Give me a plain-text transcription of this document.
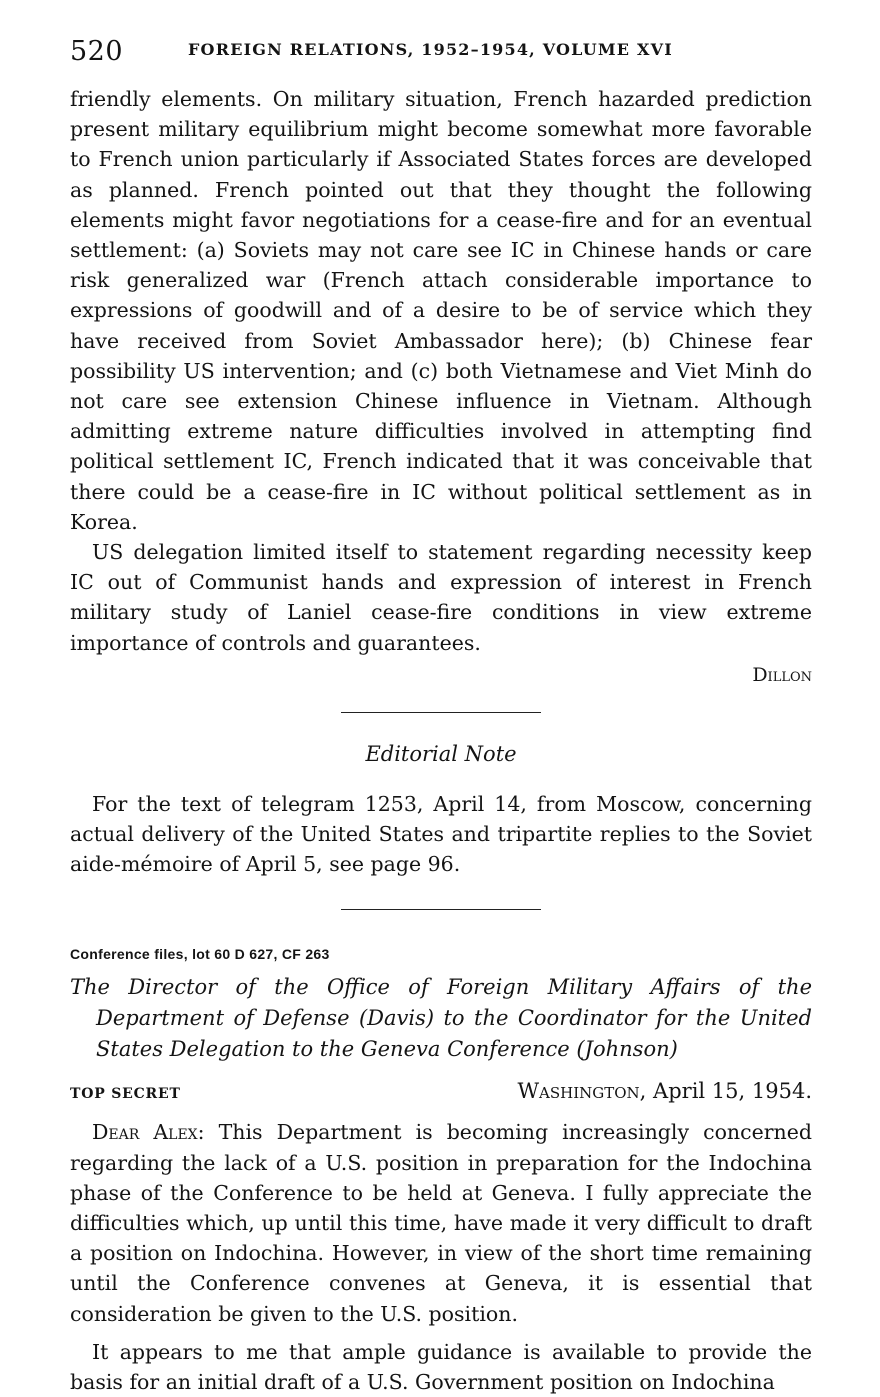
520	FOREIGN RELATIONS, 1952–1954, VOLUME XVI

friendly elements. On military situation, French hazarded prediction present military equilibrium might become somewhat more favorable to French union particularly if Associated States forces are developed as planned. French pointed out that they thought the following elements might favor negotiations for a cease-fire and for an eventual settlement: (a) Soviets may not care see IC in Chinese hands or care risk generalized war (French attach considerable importance to expressions of goodwill and of a desire to be of service which they have received from Soviet Ambassador here); (b) Chinese fear possibility US intervention; and (c) both Vietnamese and Viet Minh do not care see extension Chinese influence in Vietnam. Although admitting extreme nature difficulties involved in attempting find political settlement IC, French indicated that it was conceivable that there could be a cease-fire in IC without political settlement as in Korea.

US delegation limited itself to statement regarding necessity keep IC out of Communist hands and expression of interest in French military study of Laniel cease-fire conditions in view extreme importance of controls and guarantees.

Dillon

Editorial Note

For the text of telegram 1253, April 14, from Moscow, concerning actual delivery of the United States and tripartite replies to the Soviet aide-mémoire of April 5, see page 96.

Conference files, lot 60 D 627, CF 263

The Director of the Office of Foreign Military Affairs of the Department of Defense (Davis) to the Coordinator for the United States Delegation to the Geneva Conference (Johnson)

TOP SECRET	Washington, April 15, 1954.

Dear Alex: This Department is becoming increasingly concerned regarding the lack of a U.S. position in preparation for the Indochina phase of the Conference to be held at Geneva. I fully appreciate the difficulties which, up until this time, have made it very difficult to draft a position on Indochina. However, in view of the short time remaining until the Conference convenes at Geneva, it is essential that consideration be given to the U.S. position.

It appears to me that ample guidance is available to provide the basis for an initial draft of a U.S. Government position on Indochina
